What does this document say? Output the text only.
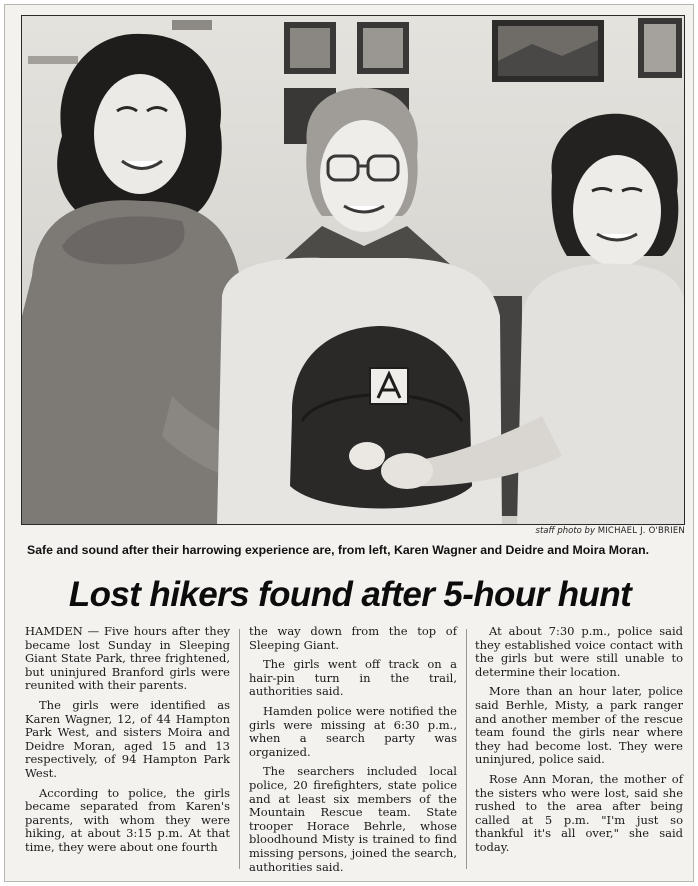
staff photo by MICHAEL J. O'BRIEN
Safe and sound after their harrowing experience are, from left, Karen Wagner and Deidre and Moira Moran.
Lost hikers found after 5-hour hunt

HAMDEN — Five hours after they became lost Sunday in Sleeping Giant State Park, three frightened, but uninjured Branford girls were reunited with their parents.

The girls were identified as Karen Wagner, 12, of 44 Hampton Park West, and sisters Moira and Deidre Moran, aged 15 and 13 respectively, of 94 Hampton Park West.

According to police, the girls became separated from Karen's parents, with whom they were hiking, at about 3:15 p.m. At that time, they were about one fourth

the way down from the top of Sleeping Giant.

The girls went off track on a hair-pin turn in the trail, authorities said.

Hamden police were notified the girls were missing at 6:30 p.m., when a search party was organized.

The searchers included local police, 20 firefighters, state police and at least six members of the Mountain Rescue team. State trooper Horace Behrle, whose bloodhound Misty is trained to find missing persons, joined the search, authorities said.

At about 7:30 p.m., police said they established voice contact with the girls but were still unable to determine their location.

More than an hour later, police said Berhle, Misty, a park ranger and another member of the rescue team found the girls near where they had become lost. They were uninjured, police said.

Rose Ann Moran, the mother of the sisters who were lost, said she rushed to the area after being called at 5 p.m. "I'm just so thankful it's all over," she said today.
